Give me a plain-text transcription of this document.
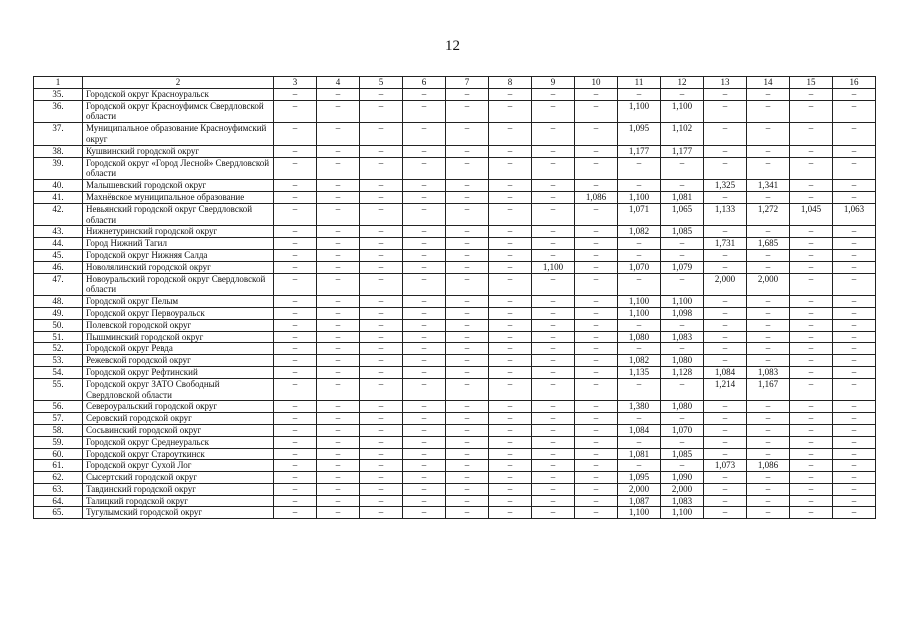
12
1	2	3	4	5	6	7	8	9	10	11	12	13	14	15	16
35.	Городской округ Красноуральск	–	–	–	–	–	–	–	–	–	–	–	–	–	–
36.	Городской округ Красноуфимск Свердловской области	–	–	–	–	–	–	–	–	1,100	1,100	–	–	–	–
37.	Муниципальное образование Красноуфимский округ	–	–	–	–	–	–	–	–	1,095	1,102	–	–	–	–
38.	Кушвинский городской округ	–	–	–	–	–	–	–	–	1,177	1,177	–	–	–	–
39.	Городской округ «Город Лесной» Свердловской области	–	–	–	–	–	–	–	–	–	–	–	–	–	–
40.	Малышевский городской округ	–	–	–	–	–	–	–	–	–	–	1,325	1,341	–	–
41.	Махнёвское муниципальное образование	–	–	–	–	–	–	–	1,086	1,100	1,081	–	–	–	–
42.	Невьянский городской округ Свердловской области	–	–	–	–	–	–	–	–	1,071	1,065	1,133	1,272	1,045	1,063
43.	Нижнетуринский городской округ	–	–	–	–	–	–	–	–	1,082	1,085	–	–	–	–
44.	Город Нижний Тагил	–	–	–	–	–	–	–	–	–	–	1,731	1,685	–	–
45.	Городской округ Нижняя Салда	–	–	–	–	–	–	–	–	–	–	–	–	–	–
46.	Новолялинский городской округ	–	–	–	–	–	–	1,100	–	1,070	1,079	–	–	–	–
47.	Новоуральский городской округ Свердловской области	–	–	–	–	–	–	–	–	–	–	2,000	2,000	–	–
48.	Городской округ Пелым	–	–	–	–	–	–	–	–	1,100	1,100	–	–	–	–
49.	Городской округ Первоуральск	–	–	–	–	–	–	–	–	1,100	1,098	–	–	–	–
50.	Полевской городской округ	–	–	–	–	–	–	–	–	–	–	–	–	–	–
51.	Пышминский городской округ	–	–	–	–	–	–	–	–	1,080	1,083	–	–	–	–
52.	Городской округ Ревда	–	–	–	–	–	–	–	–	–	–	–	–	–	–
53.	Режевской городской округ	–	–	–	–	–	–	–	–	1,082	1,080	–	–	–	–
54.	Городской округ Рефтинский	–	–	–	–	–	–	–	–	1,135	1,128	1,084	1,083	–	–
55.	Городской округ ЗАТО Свободный Свердловской области	–	–	–	–	–	–	–	–	–	–	1,214	1,167	–	–
56.	Североуральский городской округ	–	–	–	–	–	–	–	–	1,380	1,080	–	–	–	–
57.	Серовский городской округ	–	–	–	–	–	–	–	–	–	–	–	–	–	–
58.	Сосьвинский городской округ	–	–	–	–	–	–	–	–	1,084	1,070	–	–	–	–
59.	Городской округ Среднеуральск	–	–	–	–	–	–	–	–	–	–	–	–	–	–
60.	Городской округ Староуткинск	–	–	–	–	–	–	–	–	1,081	1,085	–	–	–	–
61.	Городской округ Сухой Лог	–	–	–	–	–	–	–	–	–	–	1,073	1,086	–	–
62.	Сысертский городской округ	–	–	–	–	–	–	–	–	1,095	1,090	–	–	–	–
63.	Тавдинский городской округ	–	–	–	–	–	–	–	–	2,000	2,000	–	–	–	–
64.	Талицкий городской округ	–	–	–	–	–	–	–	–	1,087	1,083	–	–	–	–
65.	Тугулымский городской округ	–	–	–	–	–	–	–	–	1,100	1,100	–	–	–	–
